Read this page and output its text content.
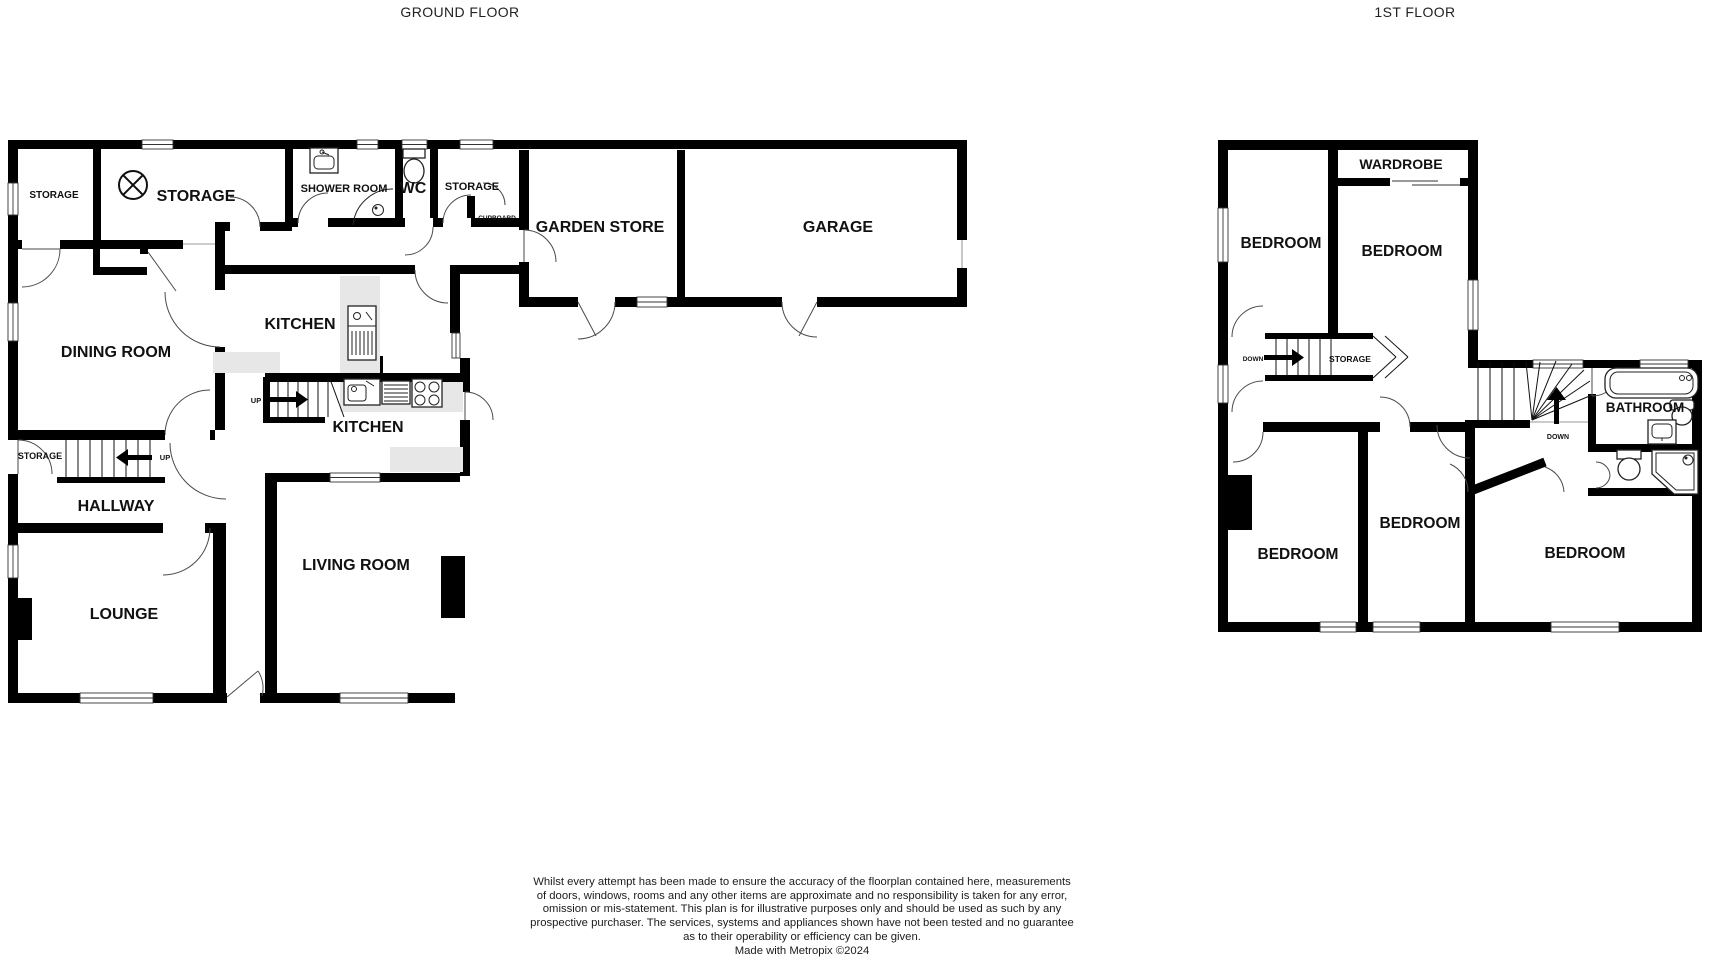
GROUND FLOOR	1ST FLOOR
STORAGE	STORAGE	SHOWER ROOM WC STORAGE
CUPBOARD
GARDEN STORE	GARAGE
KITCHEN
DINING ROOM
KITCHEN
STORAGE	UP
UP
HALLWAY
LOUNGE
LIVING ROOM
WARDROBE
BEDROOM	BEDROOM
DOWN	STORAGE
BATHROOM
DOWN
BEDROOM
BEDROOM
BEDROOM
Whilst every attempt has been made to ensure the accuracy of the floorplan contained here, measurements
of doors, windows, rooms and any other items are approximate and no responsibility is taken for any error,
omission or mis-statement. This plan is for illustrative purposes only and should be used as such by any
prospective purchaser. The services, systems and appliances shown have not been tested and no guarantee
as to their operability or efficiency can be given.
Made with Metropix ©2024
